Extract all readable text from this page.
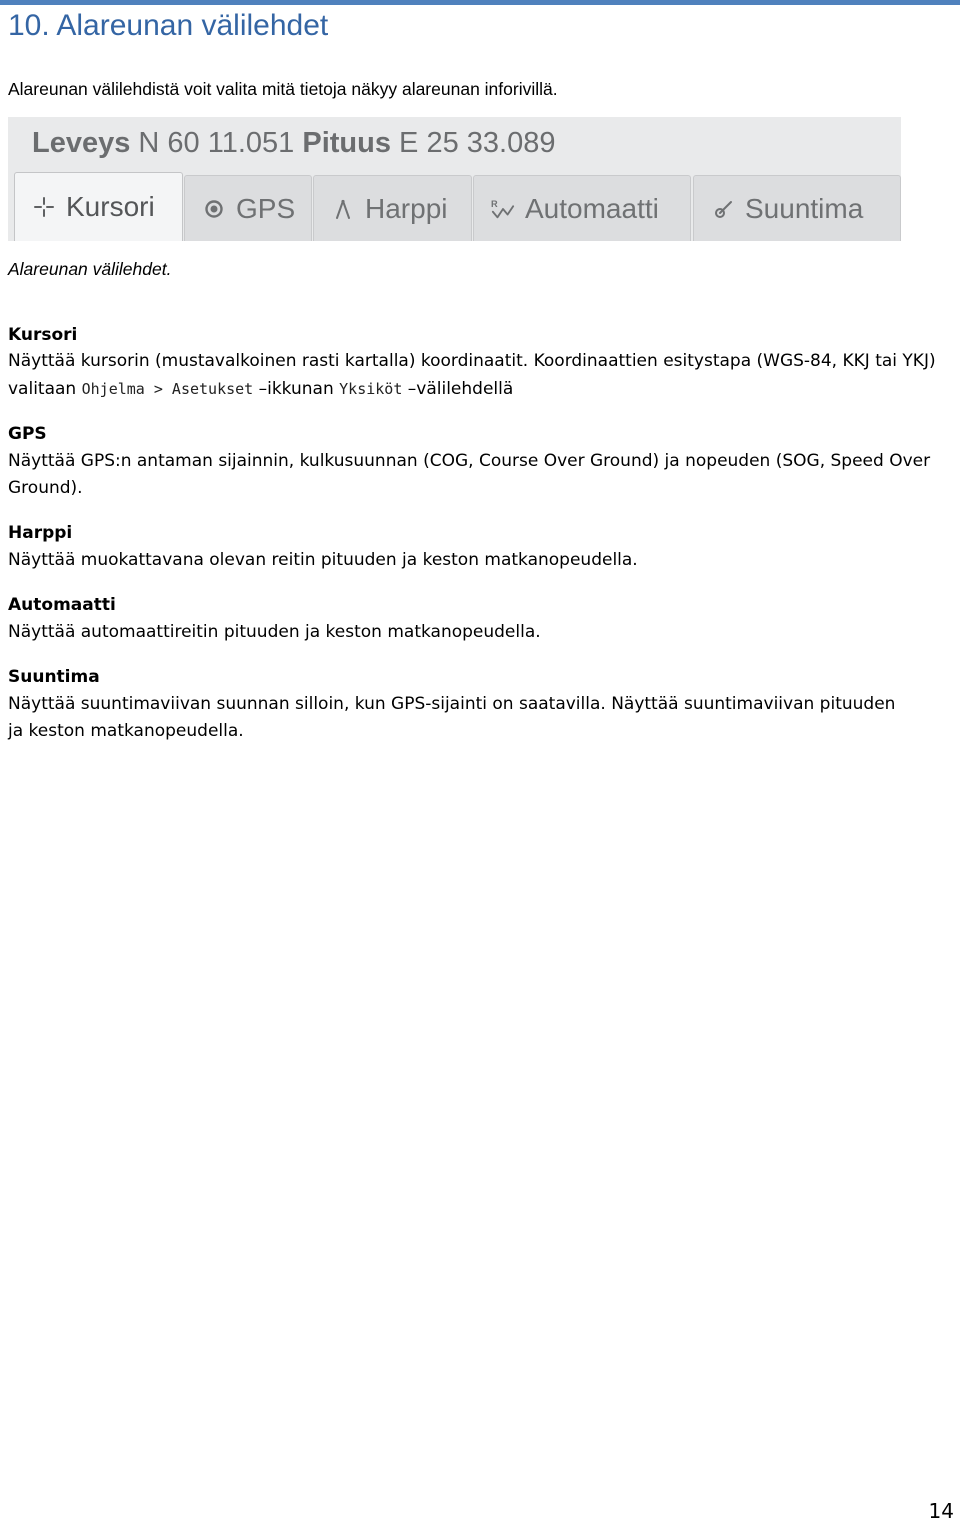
10. Alareunan välilehdet
Alareunan välilehdistä voit valita mitä tietoja näkyy alareunan inforivillä.
Leveys N 60 11.051 Pituus E 25 33.089
Kursori	GPS Harppi	R Automaatti	Suuntima
Alareunan välilehdet.
Kursori
Näyttää kursorin (mustavalkoinen rasti kartalla) koordinaatit. Koordinaattien esitystapa (WGS-84, KKJ tai YKJ)
valitaan Ohjelma > Asetukset –ikkunan Yksiköt –välilehdellä
GPS
Näyttää GPS:n antaman sijainnin, kulkusuunnan (COG, Course Over Ground) ja nopeuden (SOG, Speed Over
Ground).
Harppi
Näyttää muokattavana olevan reitin pituuden ja keston matkanopeudella.
Automaatti
Näyttää automaattireitin pituuden ja keston matkanopeudella.
Suuntima
Näyttää suuntimaviivan suunnan silloin, kun GPS-sijainti on saatavilla. Näyttää suuntimaviivan pituuden
ja keston matkanopeudella.
14
